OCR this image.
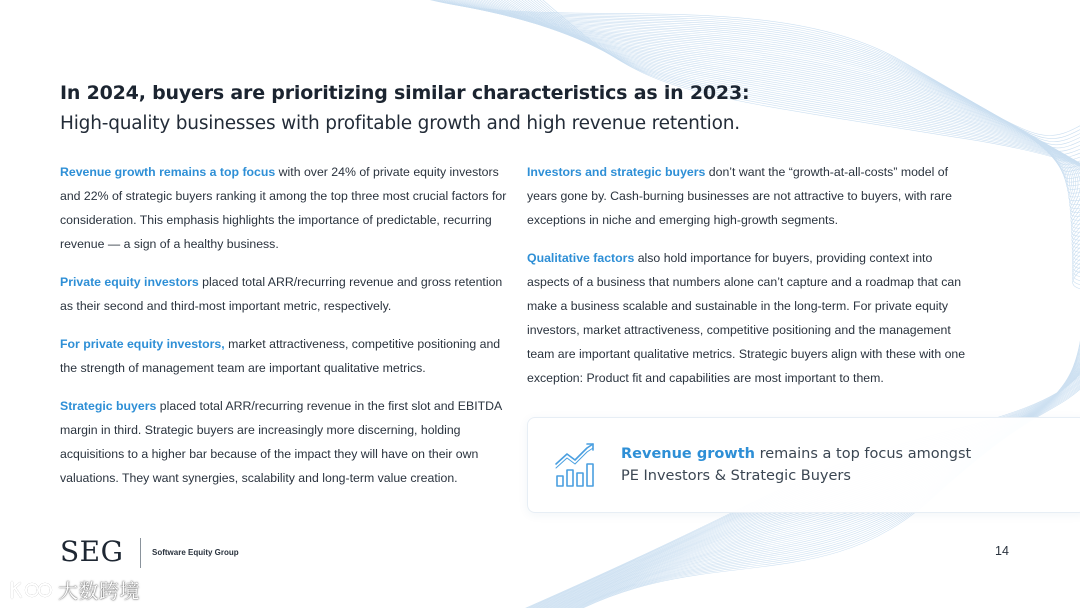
In 2024, buyers are prioritizing similar characteristics as in 2023:
High-quality businesses with profitable growth and high revenue retention.

Revenue growth remains a top focus with over 24% of private equity investors and 22% of strategic buyers ranking it among the top three most crucial factors for consideration. This emphasis highlights the importance of predictable, recurring revenue — a sign of a healthy business.

Private equity investors placed total ARR/recurring revenue and gross retention as their second and third-most important metric, respectively.

For private equity investors, market attractiveness, competitive positioning and the strength of management team are important qualitative metrics.

Strategic buyers placed total ARR/recurring revenue in the first slot and EBITDA margin in third. Strategic buyers are increasingly more discerning, holding acquisitions to a higher bar because of the impact they will have on their own valuations. They want synergies, scalability and long-term value creation.

Investors and strategic buyers don’t want the “growth-at-all-costs” model of years gone by. Cash-burning businesses are not attractive to buyers, with rare exceptions in niche and emerging high-growth segments.

Qualitative factors also hold importance for buyers, providing context into aspects of a business that numbers alone can’t capture and a roadmap that can make a business scalable and sustainable in the long-term. For private equity investors, market attractiveness, competitive positioning and the management team are important qualitative metrics. Strategic buyers align with these with one exception: Product fit and capabilities are most important to them.

Revenue growth remains a top focus amongst
PE Investors & Strategic Buyers
SEG	Software Equity Group	14
大数跨境
